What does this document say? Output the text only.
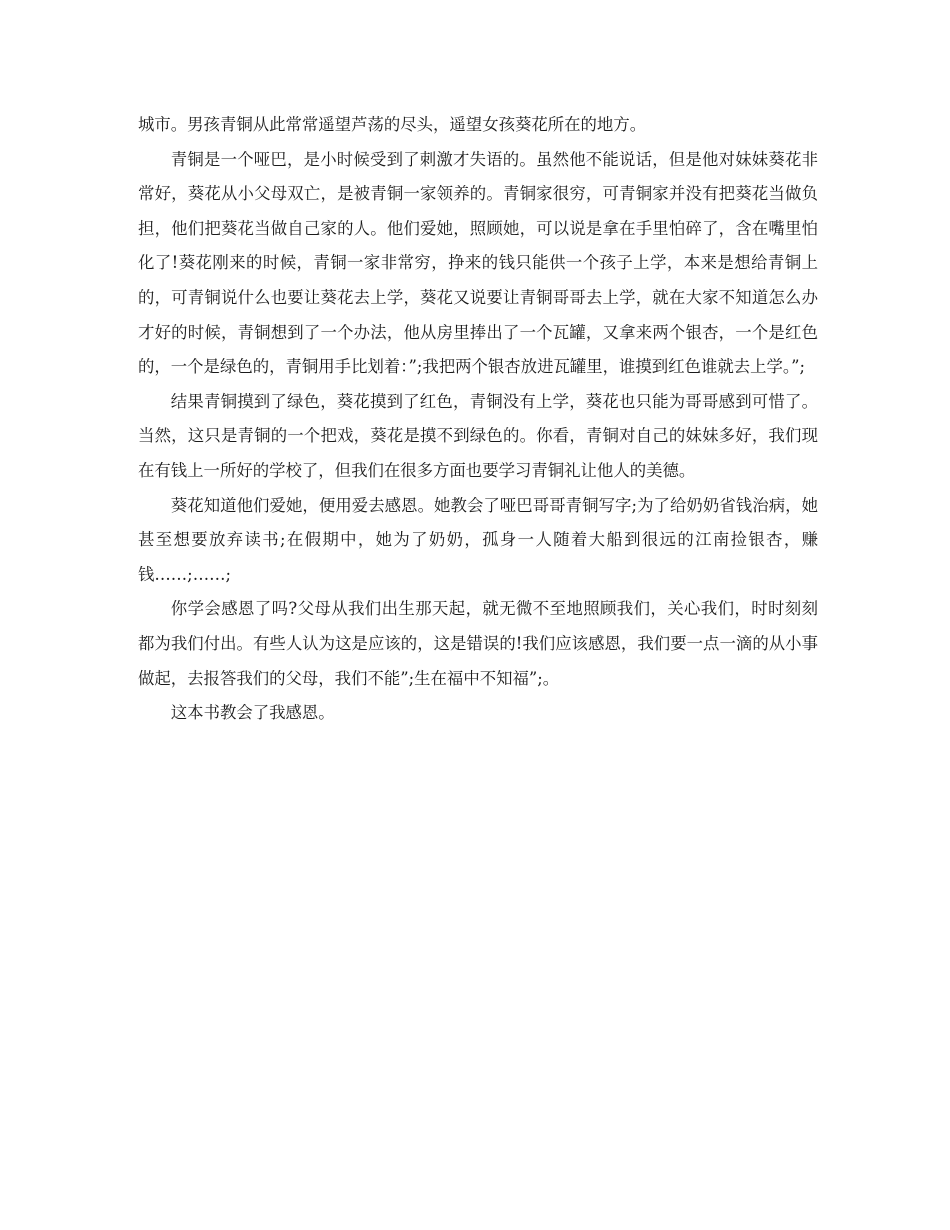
城市。男孩青铜从此常常遥望芦荡的尽头，遥望女孩葵花所在的地方。

青铜是一个哑巴，是小时候受到了刺激才失语的。虽然他不能说话，但是他对妹妹葵花非常好，葵花从小父母双亡，是被青铜一家领养的。青铜家很穷，可青铜家并没有把葵花当做负担，他们把葵花当做自己家的人。他们爱她，照顾她，可以说是拿在手里怕碎了，含在嘴里怕化了!葵花刚来的时候，青铜一家非常穷，挣来的钱只能供一个孩子上学，本来是想给青铜上的，可青铜说什么也要让葵花去上学，葵花又说要让青铜哥哥去上学，就在大家不知道怎么办才好的时候，青铜想到了一个办法，他从房里捧出了一个瓦罐，又拿来两个银杏，一个是红色的，一个是绿色的，青铜用手比划着：”;我把两个银杏放进瓦罐里，谁摸到红色谁就去上学。”;

结果青铜摸到了绿色，葵花摸到了红色，青铜没有上学，葵花也只能为哥哥感到可惜了。当然，这只是青铜的一个把戏，葵花是摸不到绿色的。你看，青铜对自己的妹妹多好，我们现在有钱上一所好的学校了，但我们在很多方面也要学习青铜礼让他人的美德。

葵花知道他们爱她，便用爱去感恩。她教会了哑巴哥哥青铜写字;为了给奶奶省钱治病，她甚至想要放弃读书;在假期中，她为了奶奶，孤身一人随着大船到很远的江南捡银杏，赚钱……;……;

你学会感恩了吗?父母从我们出生那天起，就无微不至地照顾我们，关心我们，时时刻刻都为我们付出。有些人认为这是应该的，这是错误的!我们应该感恩，我们要一点一滴的从小事做起，去报答我们的父母，我们不能”;生在福中不知福”;。

这本书教会了我感恩。
